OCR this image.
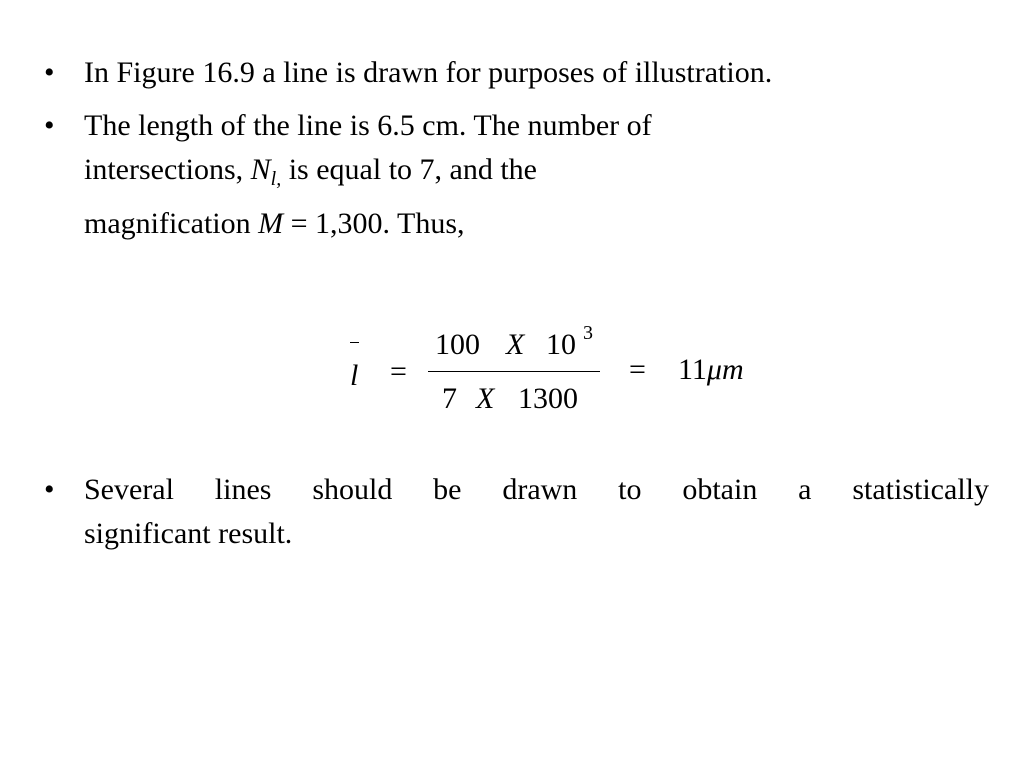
• In Figure 16.9 a line is drawn for purposes of illustration.
• The length of the line is 6.5 cm. The number of
intersections, $N_{l,}$ is equal to 7, and the
magnification M = 1,300. Thus,
l =
100 X 10 3
7 X 1300
= 11μm
• Several lines should be drawn to obtain a statistically
significant result.
